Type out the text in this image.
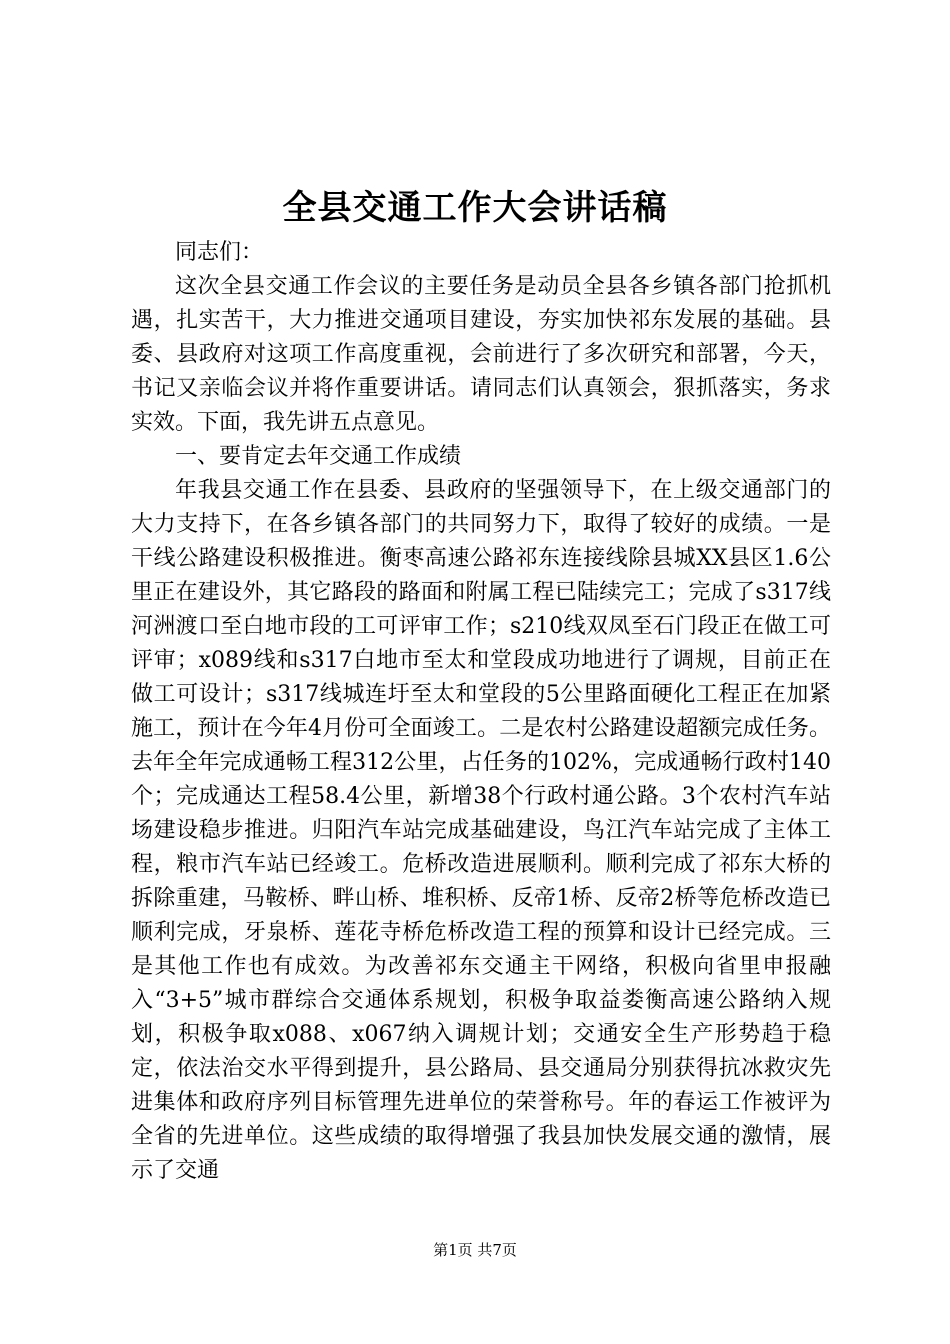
全县交通工作大会讲话稿

同志们：

这次全县交通工作会议的主要任务是动员全县各乡镇各部门抢抓机遇，扎实苦干，大力推进交通项目建设，夯实加快祁东发展的基础。县委、县政府对这项工作高度重视，会前进行了多次研究和部署，今天，书记又亲临会议并将作重要讲话。请同志们认真领会，狠抓落实，务求实效。下面，我先讲五点意见。

一、要肯定去年交通工作成绩

年我县交通工作在县委、县政府的坚强领导下，在上级交通部门的大力支持下，在各乡镇各部门的共同努力下，取得了较好的成绩。一是干线公路建设积极推进。衡枣高速公路祁东连接线除县城XX县区1.6公里正在建设外，其它路段的路面和附属工程已陆续完工；完成了s317线河洲渡口至白地市段的工可评审工作；s210线双凤至石门段正在做工可评审；x089线和s317白地市至太和堂段成功地进行了调规，目前正在做工可设计；s317线城连圩至太和堂段的5公里路面硬化工程正在加紧施工，预计在今年4月份可全面竣工。二是农村公路建设超额完成任务。去年全年完成通畅工程312公里，占任务的102%，完成通畅行政村140个；完成通达工程58.4公里，新增38个行政村通公路。3个农村汽车站场建设稳步推进。归阳汽车站完成基础建设，鸟江汽车站完成了主体工程，粮市汽车站已经竣工。危桥改造进展顺利。顺利完成了祁东大桥的拆除重建，马鞍桥、畔山桥、堆积桥、反帝1桥、反帝2桥等危桥改造已顺利完成，牙泉桥、莲花寺桥危桥改造工程的预算和设计已经完成。三是其他工作也有成效。为改善祁东交通主干网络，积极向省里申报融入“3+5”城市群综合交通体系规划，积极争取益娄衡高速公路纳入规划，积极争取x088、x067纳入调规计划；交通安全生产形势趋于稳定，依法治交水平得到提升，县公路局、县交通局分别获得抗冰救灾先进集体和政府序列目标管理先进单位的荣誉称号。年的春运工作被评为全省的先进单位。这些成绩的取得增强了我县加快发展交通的激情，展示了交通

第1页 共7页
